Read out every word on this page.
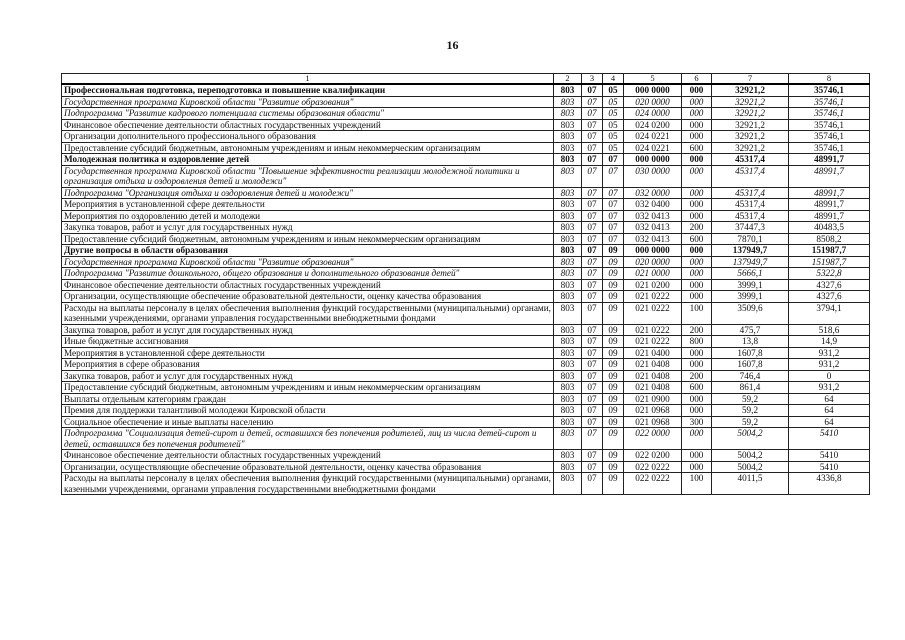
16
1	2	3	4	5	6	7	8
Профессиональная подготовка, переподготовка и повышение квалификации	803	07	05	000 0000	000	32921,2	35746,1
Государственная программа Кировской области "Развитие образования"	803	07	05	020 0000	000	32921,2	35746,1
Подпрограмма "Развитие кадрового потенциала системы образования области"	803	07	05	024 0000	000	32921,2	35746,1
Финансовое обеспечение деятельности областных государственных учреждений	803	07	05	024 0200	000	32921,2	35746,1
Организации дополнительного профессионального образования	803	07	05	024 0221	000	32921,2	35746,1
Предоставление субсидий бюджетным, автономным учреждениям и иным некоммерческим организациям	803	07	05	024 0221	600	32921,2	35746,1
Молодежная политика и оздоровление детей	803	07	07	000 0000	000	45317,4	48991,7
Государственная программа Кировской области "Повышение эффективности реализации молодежной политики и организация отдыха и оздоровления детей и молодежи"	803	07	07	030 0000	000	45317,4	48991,7
Подпрограмма "Организация отдыха и оздоровления детей и молодежи"	803	07	07	032 0000	000	45317,4	48991,7
Мероприятия в установленной сфере деятельности	803	07	07	032 0400	000	45317,4	48991,7
Мероприятия по оздоровлению детей и молодежи	803	07	07	032 0413	000	45317,4	48991,7
Закупка товаров, работ и услуг для государственных нужд	803	07	07	032 0413	200	37447,3	40483,5
Предоставление субсидий бюджетным, автономным учреждениям и иным некоммерческим организациям	803	07	07	032 0413	600	7870,1	8508,2
Другие вопросы в области образования	803	07	09	000 0000	000	137949,7	151987,7
Государственная программа Кировской области "Развитие образования"	803	07	09	020 0000	000	137949,7	151987,7
Подпрограмма "Развитие дошкольного, общего образования и дополнительного образования детей"	803	07	09	021 0000	000	5666,1	5322,8
Финансовое обеспечение деятельности областных государственных учреждений	803	07	09	021 0200	000	3999,1	4327,6
Организации, осуществляющие обеспечение образовательной деятельности, оценку качества образования	803	07	09	021 0222	000	3999,1	4327,6
Расходы на выплаты персоналу в целях обеспечения выполнения функций государственными (муниципальными) органами, казенными учреждениями, органами управления государственными внебюджетными фондами	803	07	09	021 0222	100	3509,6	3794,1
Закупка товаров, работ и услуг для государственных нужд	803	07	09	021 0222	200	475,7	518,6
Иные бюджетные ассигнования	803	07	09	021 0222	800	13,8	14,9
Мероприятия в установленной сфере деятельности	803	07	09	021 0400	000	1607,8	931,2
Мероприятия в сфере образования	803	07	09	021 0408	000	1607,8	931,2
Закупка товаров, работ и услуг для государственных нужд	803	07	09	021 0408	200	746,4	0
Предоставление субсидий бюджетным, автономным учреждениям и иным некоммерческим организациям	803	07	09	021 0408	600	861,4	931,2
Выплаты отдельным категориям граждан	803	07	09	021 0900	000	59,2	64
Премия для поддержки талантливой молодежи Кировской области	803	07	09	021 0968	000	59,2	64
Социальное обеспечение и иные выплаты населению	803	07	09	021 0968	300	59,2	64
Подпрограмма "Социализация детей-сирот и детей, оставшихся без попечения родителей, лиц из числа детей-сирот и детей, оставшихся без попечения родителей"	803	07	09	022 0000	000	5004,2	5410
Финансовое обеспечение деятельности областных государственных учреждений	803	07	09	022 0200	000	5004,2	5410
Организации, осуществляющие обеспечение образовательной деятельности, оценку качества образования	803	07	09	022 0222	000	5004,2	5410
Расходы на выплаты персоналу в целях обеспечения выполнения функций государственными (муниципальными) органами, казенными учреждениями, органами управления государственными внебюджетными фондами	803	07	09	022 0222	100	4011,5	4336,8
